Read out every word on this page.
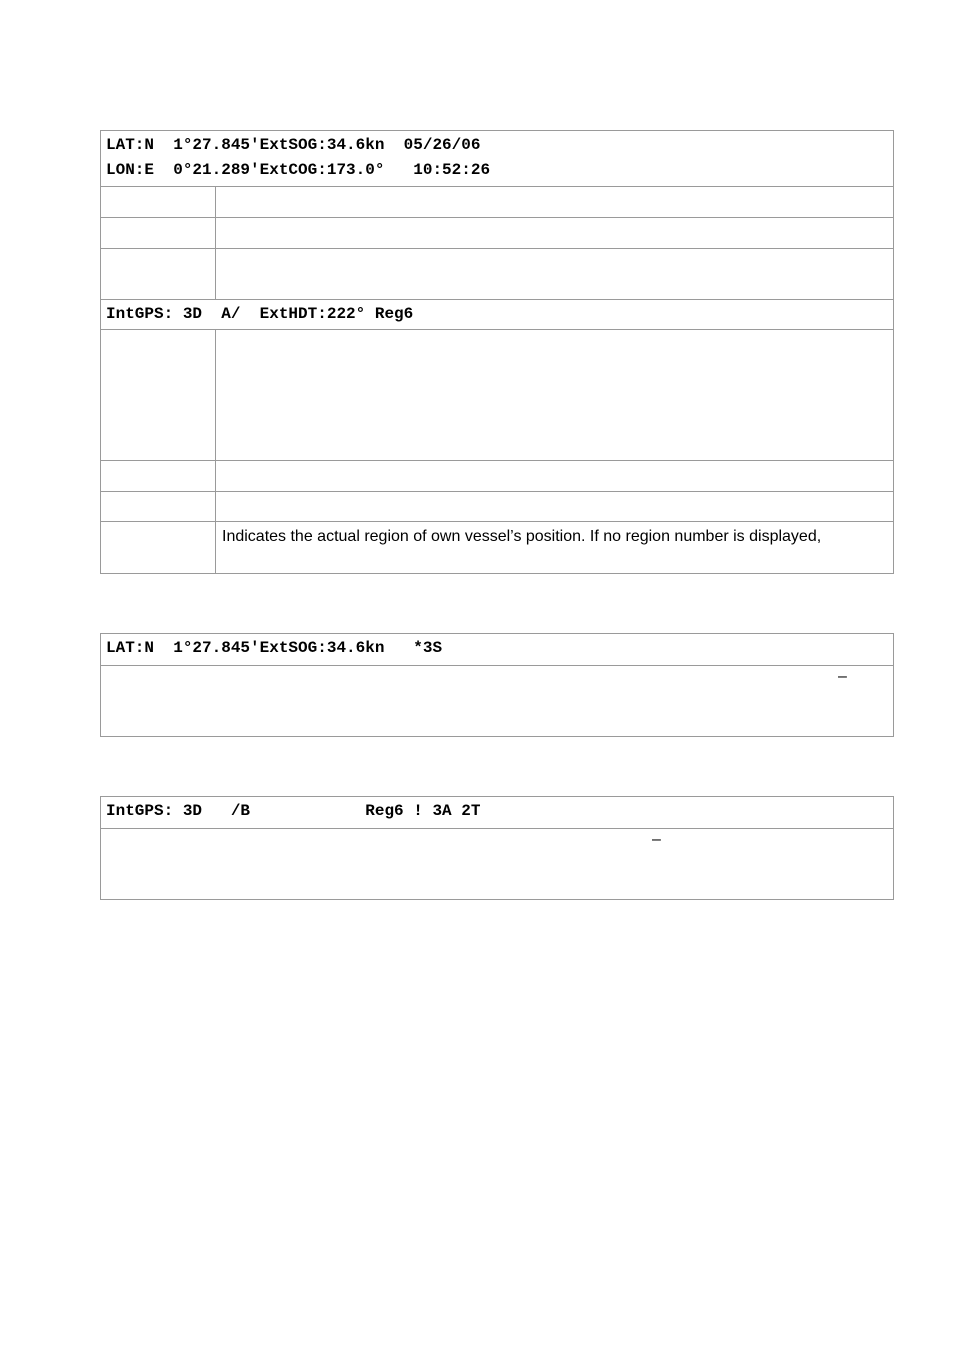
LAT:N  1°27.845'ExtSOG:34.6kn  05/26/06
LON:E  0°21.289'ExtCOG:173.0°   10:52:26
IntGPS: 3D  A/  ExtHDT:222° Reg6
Indicates the actual region of own vessel’s position. If no region number is displayed,
LAT:N  1°27.845'ExtSOG:34.6kn   *3S
–
IntGPS: 3D   /B            Reg6 ! 3A 2T
–
